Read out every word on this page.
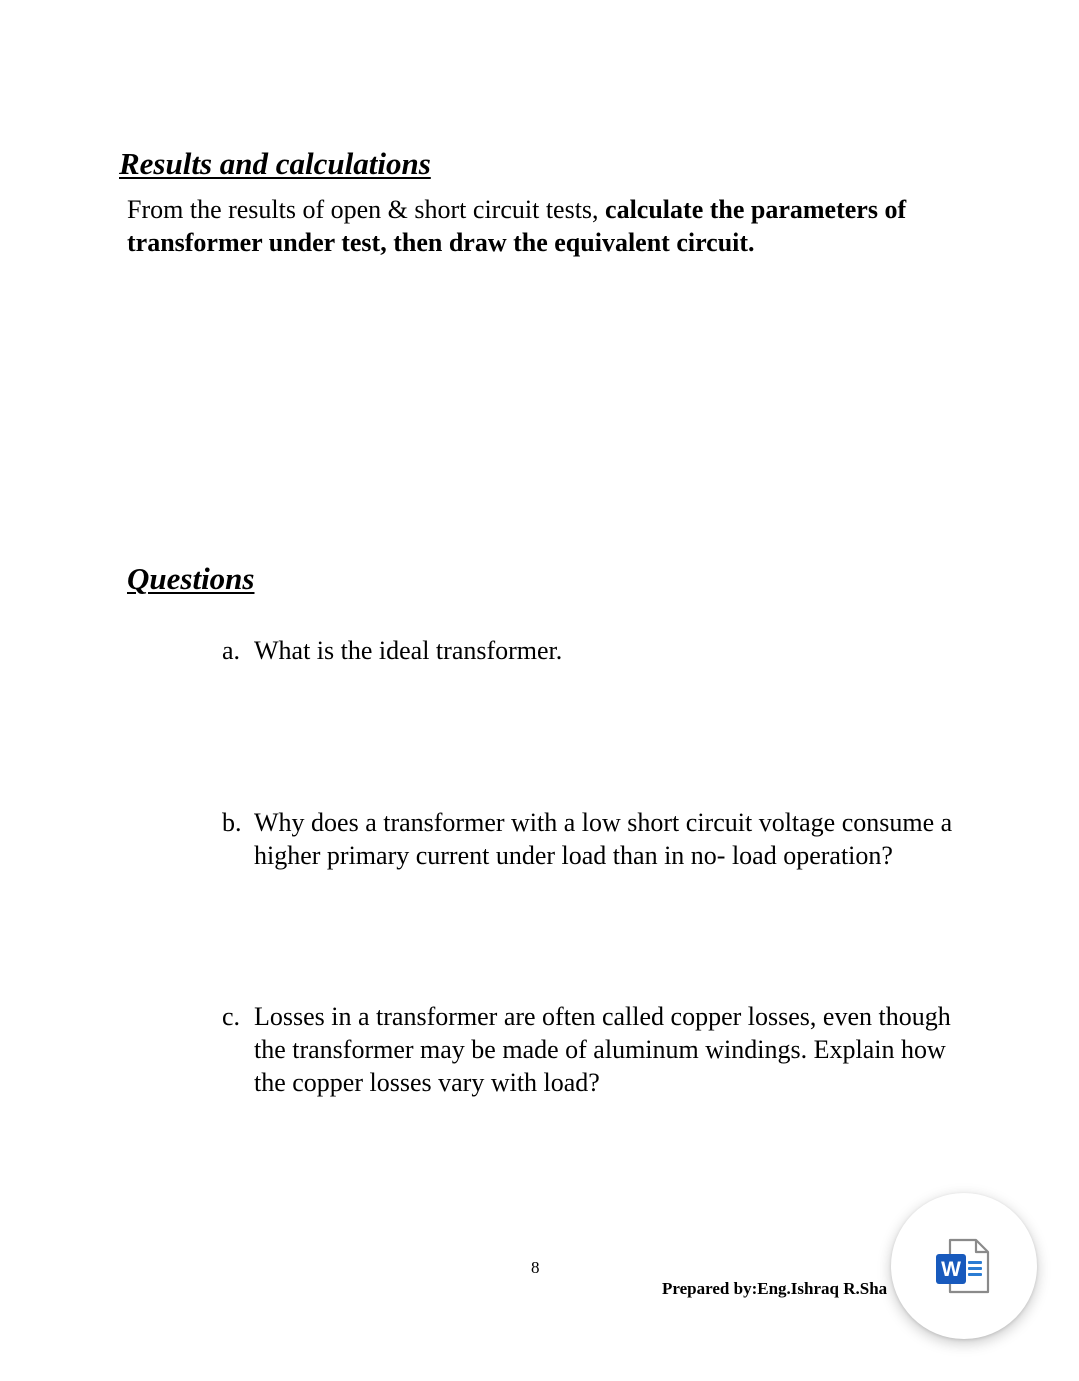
Results and calculations
From the results of open & short circuit tests, calculate the parameters of transformer under test, then draw the equivalent circuit.
Questions
a. What is the ideal transformer.
b. Why does a transformer with a low short circuit voltage consume a higher primary current under load than in no- load operation?
c. Losses in a transformer are often called copper losses, even though the transformer may be made of aluminum windings. Explain how the copper losses vary with load?
8
Prepared by:Eng.Ishraq R.Sha
W
